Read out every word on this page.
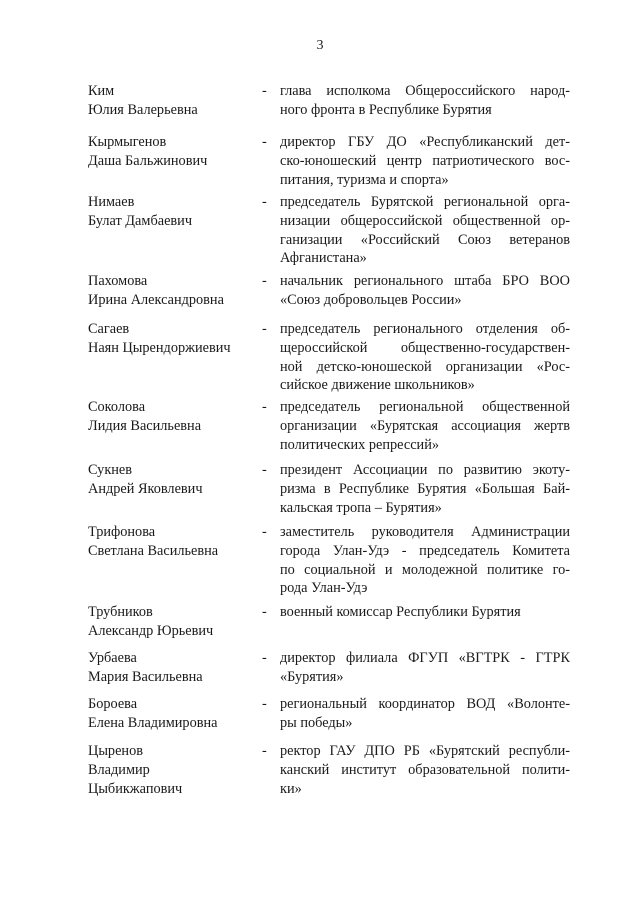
3
Ким
Юлия Валерьевна
- глава исполкома Общероссийского народ-
ного фронта в Республике Бурятия
Кырмыгенов
Даша Бальжинович
- директор ГБУ ДО «Республиканский дет-
ско-юношеский центр патриотического вос-
питания, туризма и спорта»
Нимаев
Булат Дамбаевич
- председатель Бурятской региональной орга-
низации общероссийской общественной ор-
ганизации «Российский Союз ветеранов
Афганистана»
Пахомова
Ирина Александровна
- начальник регионального штаба БРО ВОО
«Союз добровольцев России»
Сагаев
Наян Цырендоржиевич
- председатель регионального отделения об-
щероссийской общественно-государствен-
ной детско-юношеской организации «Рос-
сийское движение школьников»
Соколова
Лидия Васильевна
- председатель региональной общественной
организации «Бурятская ассоциация жертв
политических репрессий»
Сукнев
Андрей Яковлевич
- президент Ассоциации по развитию экоту-
ризма в Республике Бурятия «Большая Бай-
кальская тропа – Бурятия»
Трифонова
Светлана Васильевна
- заместитель руководителя Администрации
города Улан-Удэ - председатель Комитета
по социальной и молодежной политике го-
рода Улан-Удэ
Трубников
Александр Юрьевич
- военный комиссар Республики Бурятия
Урбаева
Мария Васильевна
- директор филиала ФГУП «ВГТРК - ГТРК
«Бурятия»
Бороева
Елена Владимировна
- региональный координатор ВОД «Волонте-
ры победы»
Цыренов
Владимир
Цыбикжапович
- ректор ГАУ ДПО РБ «Бурятский республи-
канский институт образовательной полити-
ки»
